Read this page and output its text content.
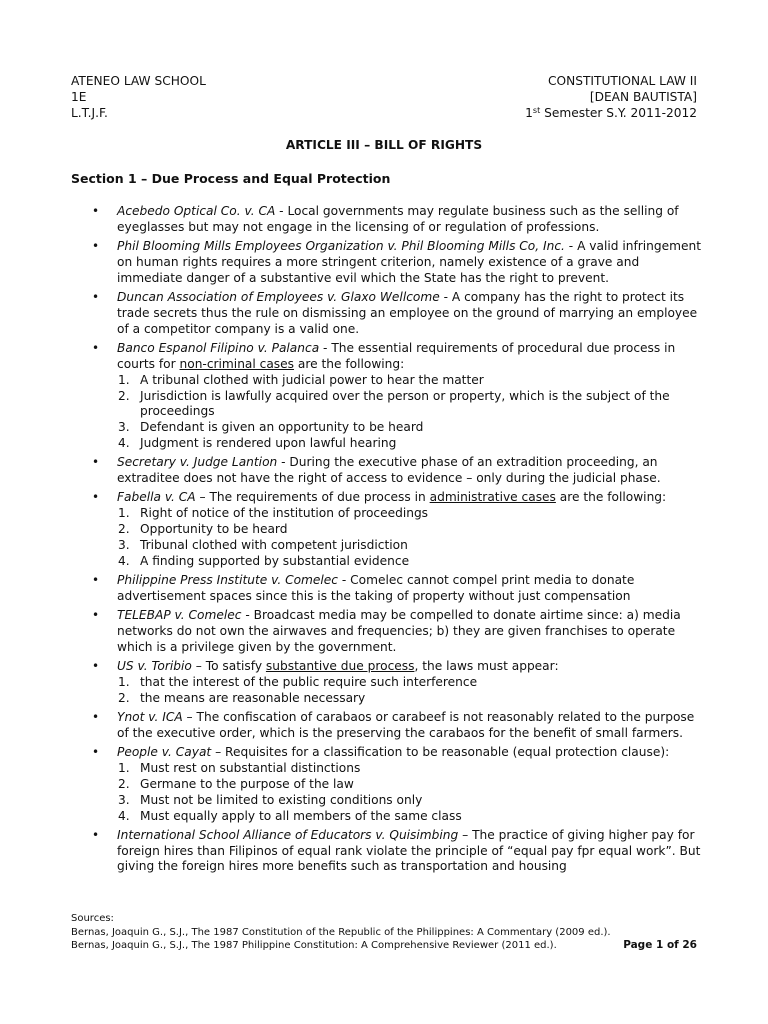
ATENEO LAW SCHOOL
1E
L.T.J.F.
CONSTITUTIONAL LAW II
[DEAN BAUTISTA]
1st Semester S.Y. 2011-2012
ARTICLE III – BILL OF RIGHTS
Section 1 – Due Process and Equal Protection
• Acebedo Optical Co. v. CA - Local governments may regulate business such as the selling of eyeglasses but may not engage in the licensing of or regulation of professions.
• Phil Blooming Mills Employees Organization v. Phil Blooming Mills Co, Inc. - A valid infringement on human rights requires a more stringent criterion, namely existence of a grave and immediate danger of a substantive evil which the State has the right to prevent.
• Duncan Association of Employees v. Glaxo Wellcome - A company has the right to protect its trade secrets thus the rule on dismissing an employee on the ground of marrying an employee of a competitor company is a valid one.
• Banco Espanol Filipino v. Palanca - The essential requirements of procedural due process in courts for non-criminal cases are the following:
1. A tribunal clothed with judicial power to hear the matter
2. Jurisdiction is lawfully acquired over the person or property, which is the subject of the proceedings
3. Defendant is given an opportunity to be heard
4. Judgment is rendered upon lawful hearing
• Secretary v. Judge Lantion - During the executive phase of an extradition proceeding, an extraditee does not have the right of access to evidence – only during the judicial phase.
• Fabella v. CA – The requirements of due process in administrative cases are the following:
1. Right of notice of the institution of proceedings
2. Opportunity to be heard
3. Tribunal clothed with competent jurisdiction
4. A finding supported by substantial evidence
• Philippine Press Institute v. Comelec - Comelec cannot compel print media to donate advertisement spaces since this is the taking of property without just compensation
• TELEBAP v. Comelec - Broadcast media may be compelled to donate airtime since: a) media networks do not own the airwaves and frequencies; b) they are given franchises to operate which is a privilege given by the government.
• US v. Toribio – To satisfy substantive due process, the laws must appear:
1. that the interest of the public require such interference
2. the means are reasonable necessary
• Ynot v. ICA – The confiscation of carabaos or carabeef is not reasonably related to the purpose of the executive order, which is the preserving the carabaos for the benefit of small farmers.
• People v. Cayat – Requisites for a classification to be reasonable (equal protection clause):
1. Must rest on substantial distinctions
2. Germane to the purpose of the law
3. Must not be limited to existing conditions only
4. Must equally apply to all members of the same class
• International School Alliance of Educators v. Quisimbing – The practice of giving higher pay for foreign hires than Filipinos of equal rank violate the principle of “equal pay fpr equal work”. But giving the foreign hires more benefits such as transportation and housing
Sources:
Bernas, Joaquin G., S.J., The 1987 Constitution of the Republic of the Philippines: A Commentary (2009 ed.).
Bernas, Joaquin G., S.J., The 1987 Philippine Constitution: A Comprehensive Reviewer (2011 ed.).	Page 1 of 26
